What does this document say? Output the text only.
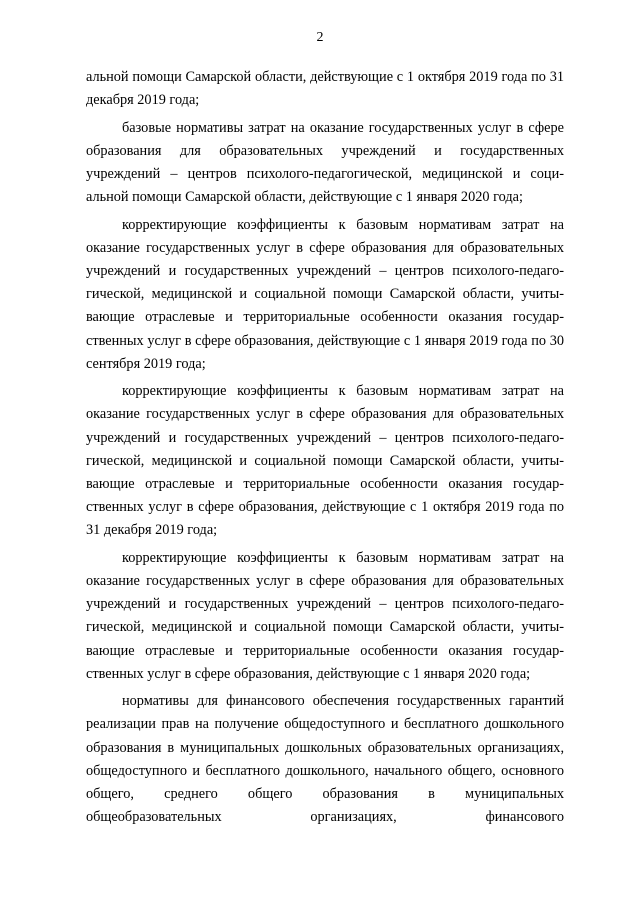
2

альной помощи Самарской области, действующие с 1 октября 2019 года по 31 декабря 2019 года;

базовые нормативы затрат на оказание государственных услуг в сфере образования для образовательных учреждений и государственных учреждений – центров психолого-педагогической, медицинской и соци- альной помощи Самарской области, действующие с 1 января 2020 года;

корректирующие коэффициенты к базовым нормативам затрат на оказание государственных услуг в сфере образования для образовательных учреждений и государственных учреждений – центров психолого-педаго- гической, медицинской и социальной помощи Самарской области, учиты- вающие отраслевые и территориальные особенности оказания государ- ственных услуг в сфере образования, действующие с 1 января 2019 года по 30 сентября 2019 года;

корректирующие коэффициенты к базовым нормативам затрат на оказание государственных услуг в сфере образования для образовательных учреждений и государственных учреждений – центров психолого-педаго- гической, медицинской и социальной помощи Самарской области, учиты- вающие отраслевые и территориальные особенности оказания государ- ственных услуг в сфере образования, действующие с 1 октября 2019 года по 31 декабря 2019 года;

корректирующие коэффициенты к базовым нормативам затрат на оказание государственных услуг в сфере образования для образовательных учреждений и государственных учреждений – центров психолого-педаго- гической, медицинской и социальной помощи Самарской области, учиты- вающие отраслевые и территориальные особенности оказания государ- ственных услуг в сфере образования, действующие с 1 января 2020 года;

нормативы для финансового обеспечения государственных гарантий реализации прав на получение общедоступного и бесплатного дошкольного образования в муниципальных дошкольных образовательных организациях, общедоступного и бесплатного дошкольного, начального общего, основного общего, среднего общего образования в муниципальных общеобразовательных организациях, финансового
